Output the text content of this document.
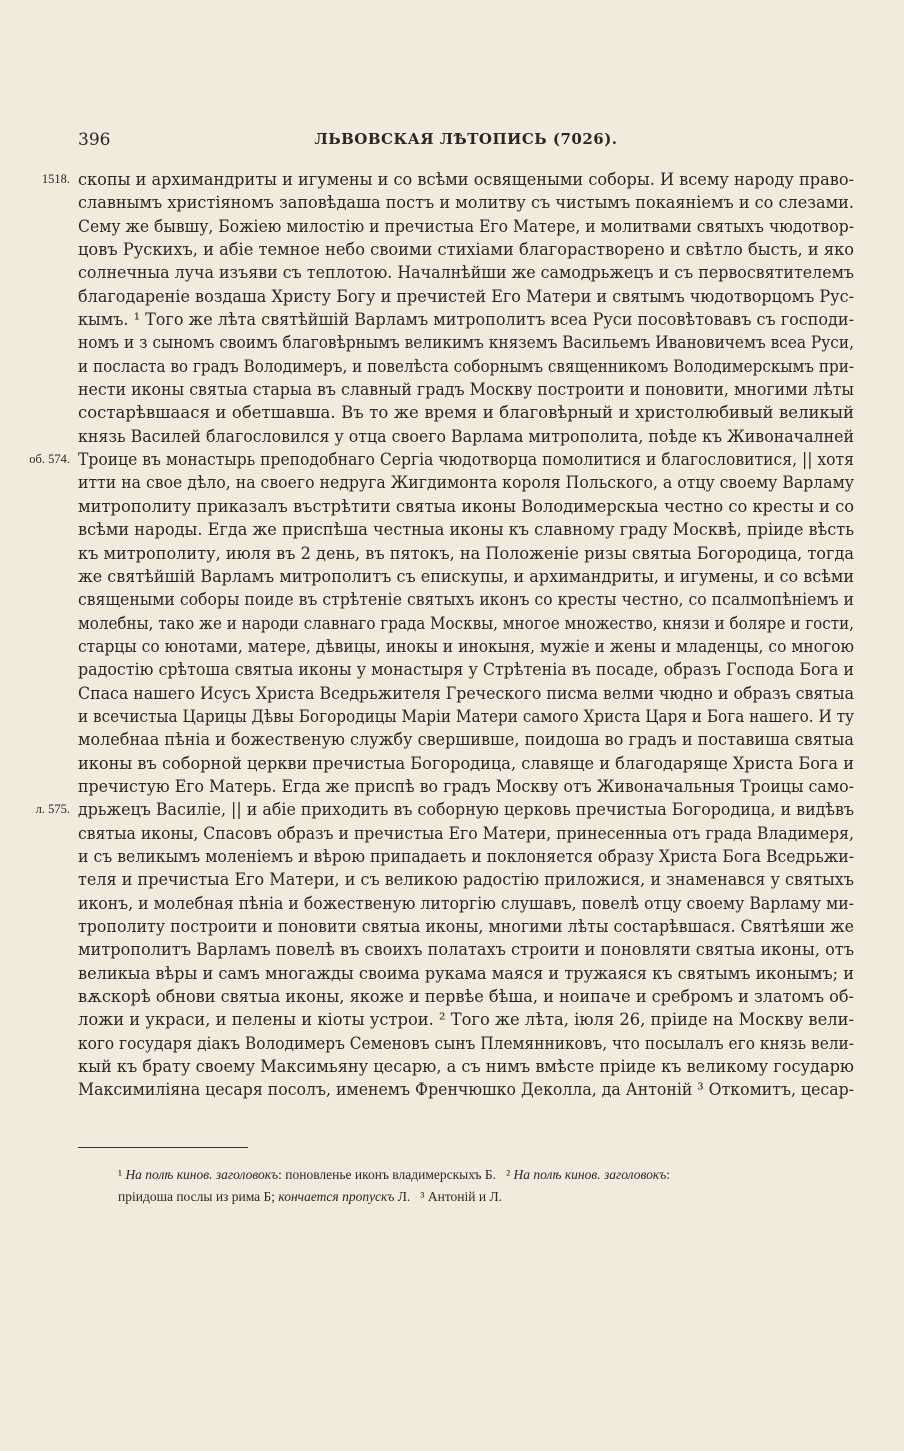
396	ЛЬВОВСКАЯ ЛѢТОПИСЬ (7026).
1518. скопы и архимандриты и игумены и со всѣми освящеными соборы. И всему народу право-
славнымъ христіяномъ заповѣдаша постъ и молитву съ чистымъ покаяніемъ и со слезами.
Сему же бывшу, Божіею милостію и пречистыа Его Матере, и молитвами святыхъ чюдотвор-
цовъ Рускихъ, и абіе темное небо своими стихіами благорастворено и свѣтло бысть, и яко
солнечныа луча изъяви съ теплотою. Началнѣйши же самодрьжецъ и съ первосвятителемъ
благодареніе воздаша Христу Богу и пречистей Его Матери и святымъ чюдотворцомъ Рус-
кымъ. ¹ Того же лѣта святѣйшій Варламъ митрополитъ всеа Руси посовѣтовавъ съ господи-
номъ и з сыномъ своимъ благовѣрнымъ великимъ княземъ Васильемъ Ивановичемъ всеа Руси,
и посласта во градъ Володимеръ, и повелѣста соборнымъ священникомъ Володимерскымъ при-
нести иконы святыа старыа въ славный градъ Москву построити и поновити, многими лѣты
состарѣвшаася и обетшавша. Въ то же время и благовѣрный и христолюбивый великый
князь Василей благословился у отца своего Варлама митрополита, поѣде къ Живоначалней
об. 574. Троице въ монастырь преподобнаго Сергіа чюдотворца помолитися и благословитися, || хотя
итти на свое дѣло, на своего недруга Жигдимонта короля Польского, а отцу своему Варламу
митрополиту приказалъ въстрѣтити святыа иконы Володимерскыа честно со кресты и со
всѣми народы. Егда же приспѣша честныа иконы къ славному граду Москвѣ, пріиде вѣсть
къ митрополиту, июля въ 2 день, въ пятокъ, на Положеніе ризы святыа Богородица, тогда
же святѣйшій Варламъ митрополитъ съ епискупы, и архимандриты, и игумены, и со всѣми
священыми соборы поиде въ стрѣтеніе святыхъ иконъ со кресты честно, со псалмопѣніемъ и
молебны, тако же и народи славнаго града Москвы, многое множество, князи и боляре и гости,
старцы со юнотами, матере, дѣвицы, инокы и инокыня, мужіе и жены и младенцы, со многою
радостію срѣтоша святыа иконы у монастыря у Стрѣтеніа въ посаде, образъ Господа Бога и
Спаса нашего Исусъ Христа Вседрьжителя Греческого писма велми чюдно и образъ святыа
и всечистыа Царицы Дѣвы Богородицы Маріи Матери самого Христа Царя и Бога нашего. И ту
молебнаа пѣніа и божественую службу свершивше, поидоша во градъ и поставиша святыа
иконы въ соборной церкви пречистыа Богородица, славяще и благодаряще Христа Бога и
пречистую Его Матерь. Егда же приспѣ во градъ Москву отъ Живоначальныя Троицы само-
л. 575. дрьжецъ Василіе, || и абіе приходить въ соборную церковь пречистыа Богородица, и видѣвъ
святыа иконы, Спасовъ образъ и пречистыа Его Матери, принесенныа отъ града Владимеря,
и съ великымъ моленіемъ и вѣрою припадаеть и поклоняется образу Христа Бога Вседрьжи-
теля и пречистыа Его Матери, и съ великою радостію приложися, и знаменався у святыхъ
иконъ, и молебная пѣніа и божественую литоргію слушавъ, повелѣ отцу своему Варламу ми-
трополиту построити и поновити святыа иконы, многими лѣты состарѣвшася. Святѣяши же
митрополитъ Варламъ повелѣ въ своихъ полатахъ строити и поновляти святыа иконы, отъ
великыа вѣры и самъ многажды своима рукама маяся и тружаяся къ святымъ иконымъ; и
вѫскорѣ обнови святыа иконы, якоже и первѣе бѣша, и ноипаче и сребромъ и златомъ об-
ложи и украси, и пелены и кіоты устрои. ² Того же лѣта, іюля 26, пріиде на Москву вели-
кого государя діакъ Володимеръ Семеновъ сынъ Племянниковъ, что посылалъ его князь вели-
кый къ брату своему Максимьяну цесарю, а съ нимъ вмѣсте пріиде къ великому государю
Максимиліяна цесаря посолъ, именемъ Френчюшко Деколла, да Антоній ³ Откомитъ, цесар-
¹ На полѣ кинов. заголовокъ: поновленье иконъ владимерскыхъ Б. ² На полѣ кинов. заголовокъ:
пріидоша послы из рима Б; кончается пропускъ Л. ³ Антоній и Л.
